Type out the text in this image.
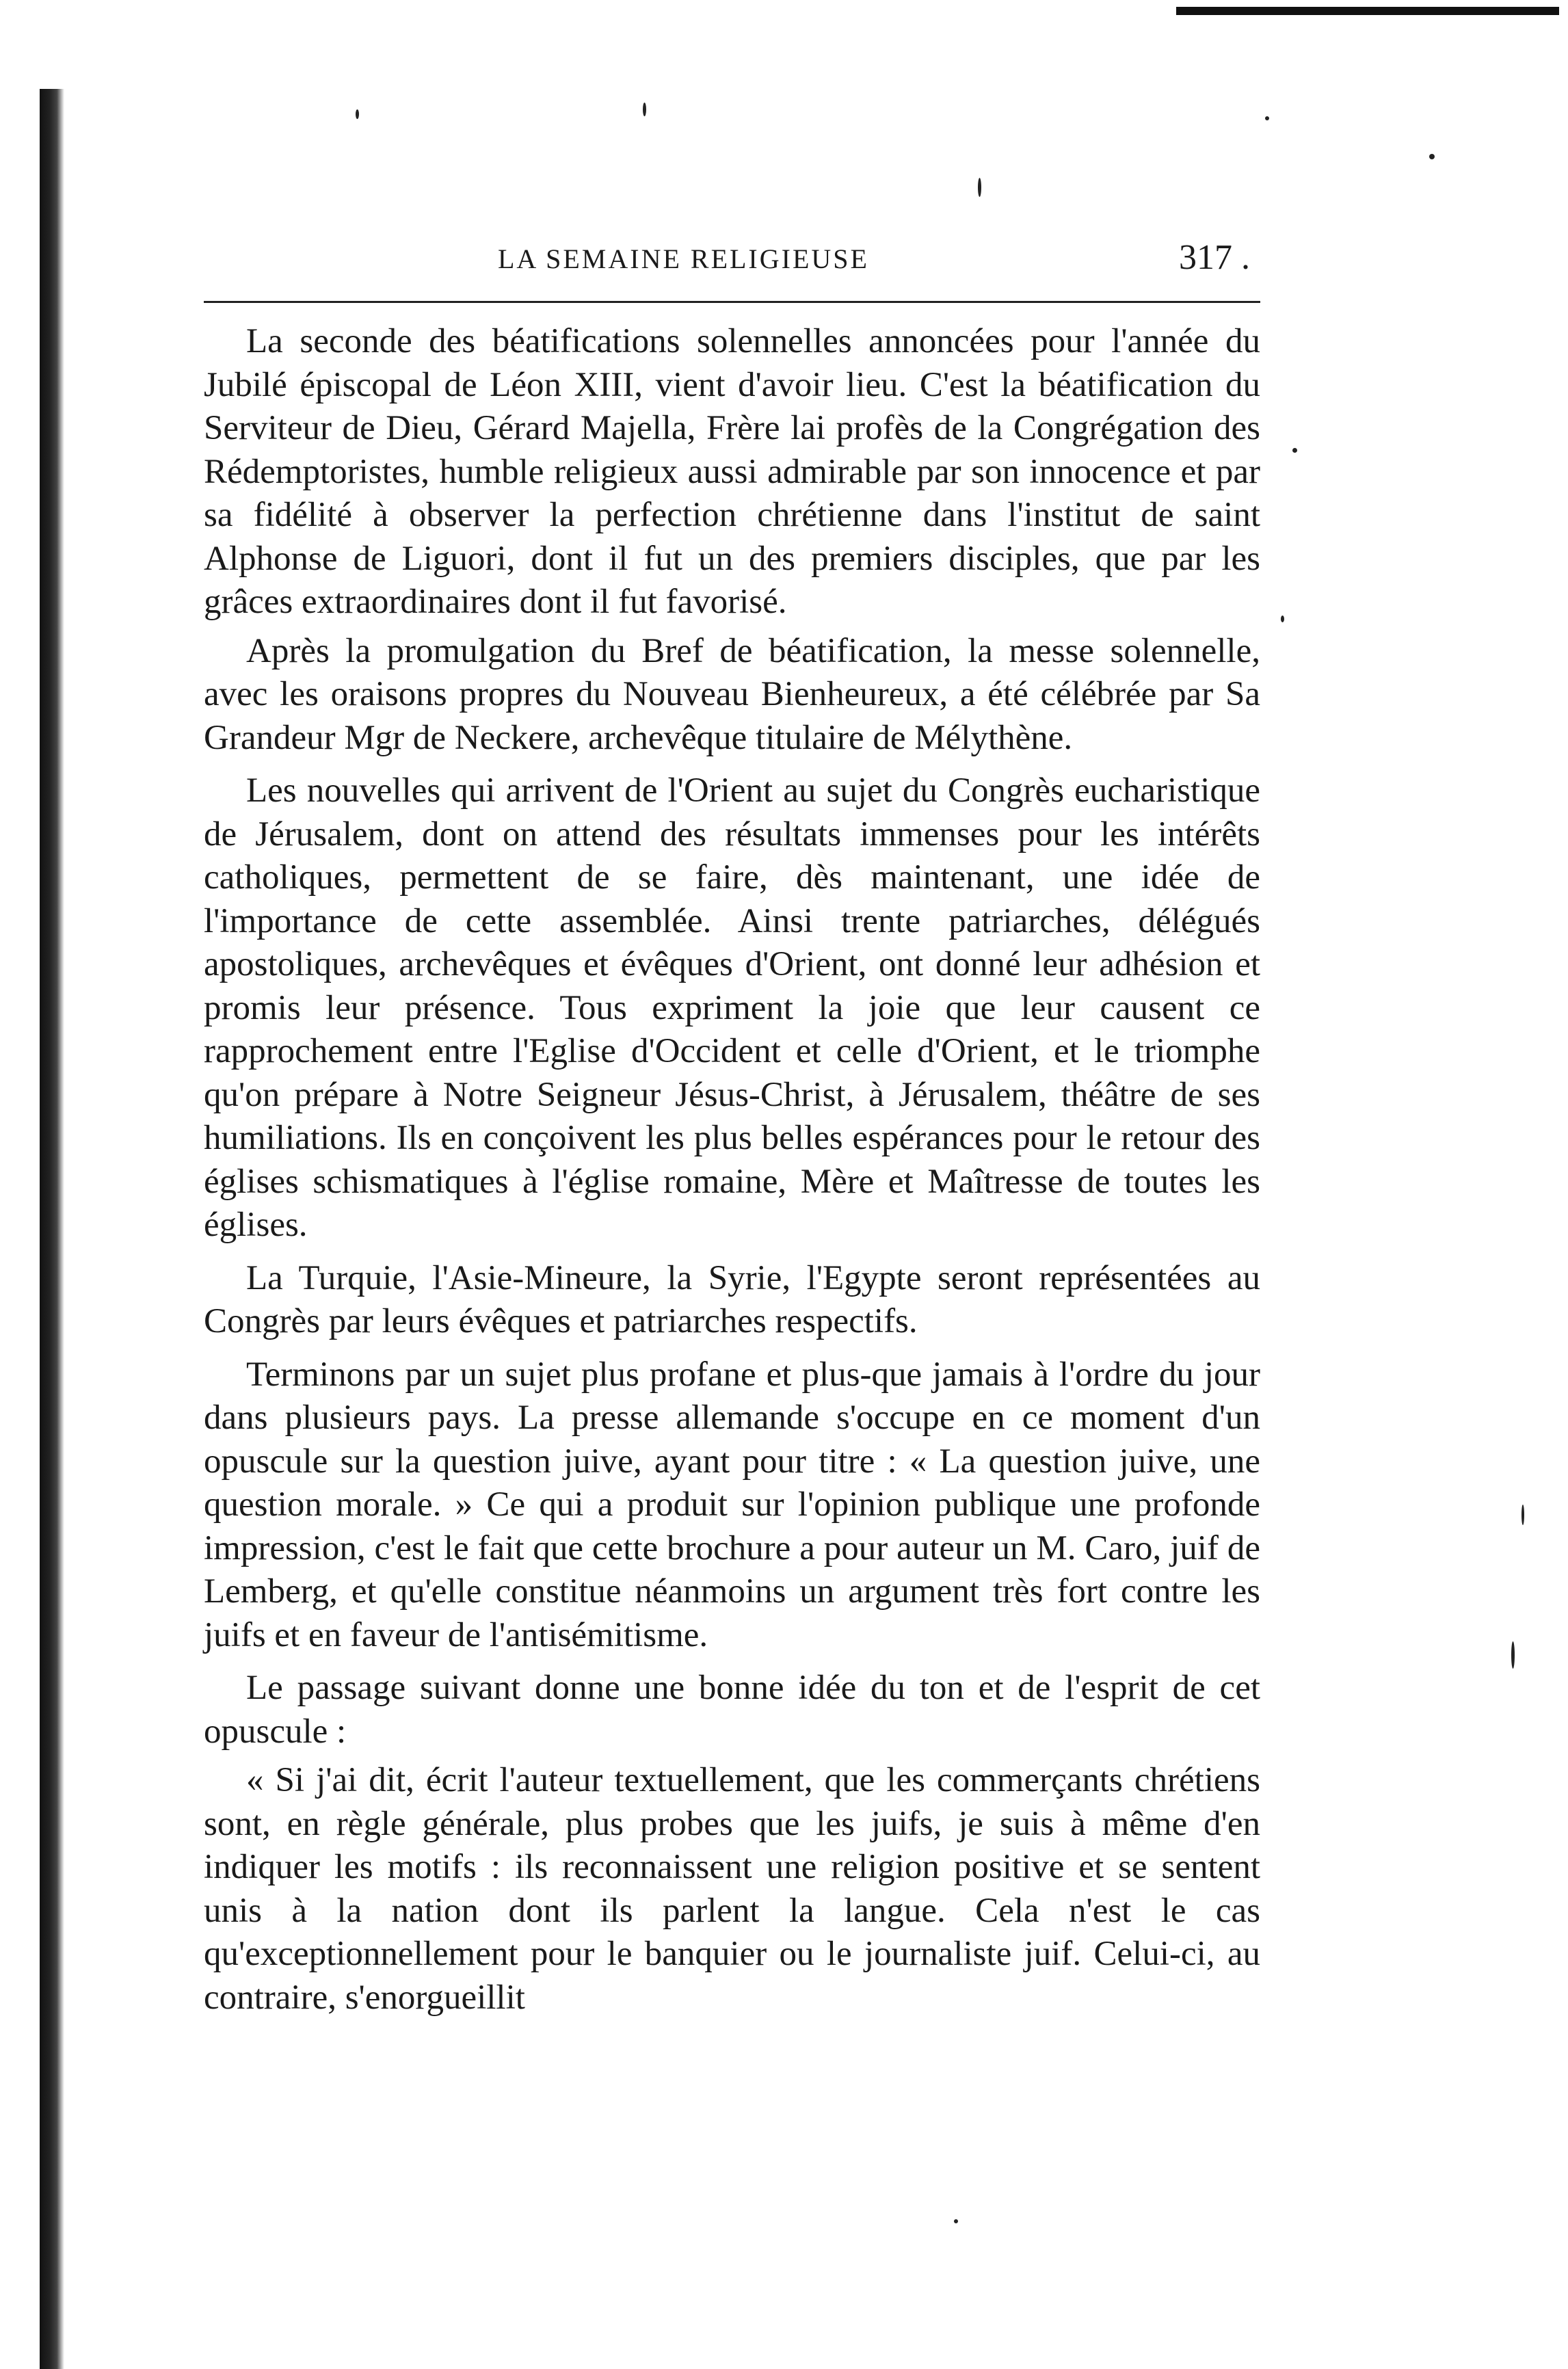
LA SEMAINE RELIGIEUSE	317 .

La seconde des béatifications solennelles annoncées pour l'année du Jubilé épiscopal de Léon XIII, vient d'avoir lieu. C'est la béatification du Serviteur de Dieu, Gérard Majella, Frère lai profès de la Congrégation des Rédemptoristes, humble religieux aussi admirable par son innocence et par sa fidélité à observer la perfection chrétienne dans l'institut de saint Alphonse de Liguori, dont il fut un des premiers disciples, que par les grâces extraordinaires dont il fut favorisé.

Après la promulgation du Bref de béatification, la messe solennelle, avec les oraisons propres du Nouveau Bienheureux, a été célébrée par Sa Grandeur Mgr de Neckere, archevêque titulaire de Mélythène.

Les nouvelles qui arrivent de l'Orient au sujet du Congrès eucharistique de Jérusalem, dont on attend des résultats immenses pour les intérêts catholiques, permettent de se faire, dès maintenant, une idée de l'importance de cette assemblée. Ainsi trente patriarches, délégués apostoliques, archevêques et évêques d'Orient, ont donné leur adhésion et promis leur présence. Tous expriment la joie que leur causent ce rapprochement entre l'Eglise d'Occident et celle d'Orient, et le triomphe qu'on prépare à Notre Seigneur Jésus-Christ, à Jérusalem, théâtre de ses humiliations. Ils en conçoivent les plus belles espérances pour le retour des églises schismatiques à l'église romaine, Mère et Maîtresse de toutes les églises.

La Turquie, l'Asie-Mineure, la Syrie, l'Egypte seront représentées au Congrès par leurs évêques et patriarches respectifs.

Terminons par un sujet plus profane et plus-que jamais à l'ordre du jour dans plusieurs pays. La presse allemande s'occupe en ce moment d'un opuscule sur la question juive, ayant pour titre : « La question juive, une question morale. » Ce qui a produit sur l'opinion publique une profonde impression, c'est le fait que cette brochure a pour auteur un M. Caro, juif de Lemberg, et qu'elle constitue néanmoins un argument très fort contre les juifs et en faveur de l'antisémitisme.

Le passage suivant donne une bonne idée du ton et de l'esprit de cet opuscule :

« Si j'ai dit, écrit l'auteur textuellement, que les commerçants chrétiens sont, en règle générale, plus probes que les juifs, je suis à même d'en indiquer les motifs : ils reconnaissent une religion positive et se sentent unis à la nation dont ils parlent la langue. Cela n'est le cas qu'exceptionnellement pour le banquier ou le journaliste juif. Celui-ci, au contraire, s'enorgueillit
